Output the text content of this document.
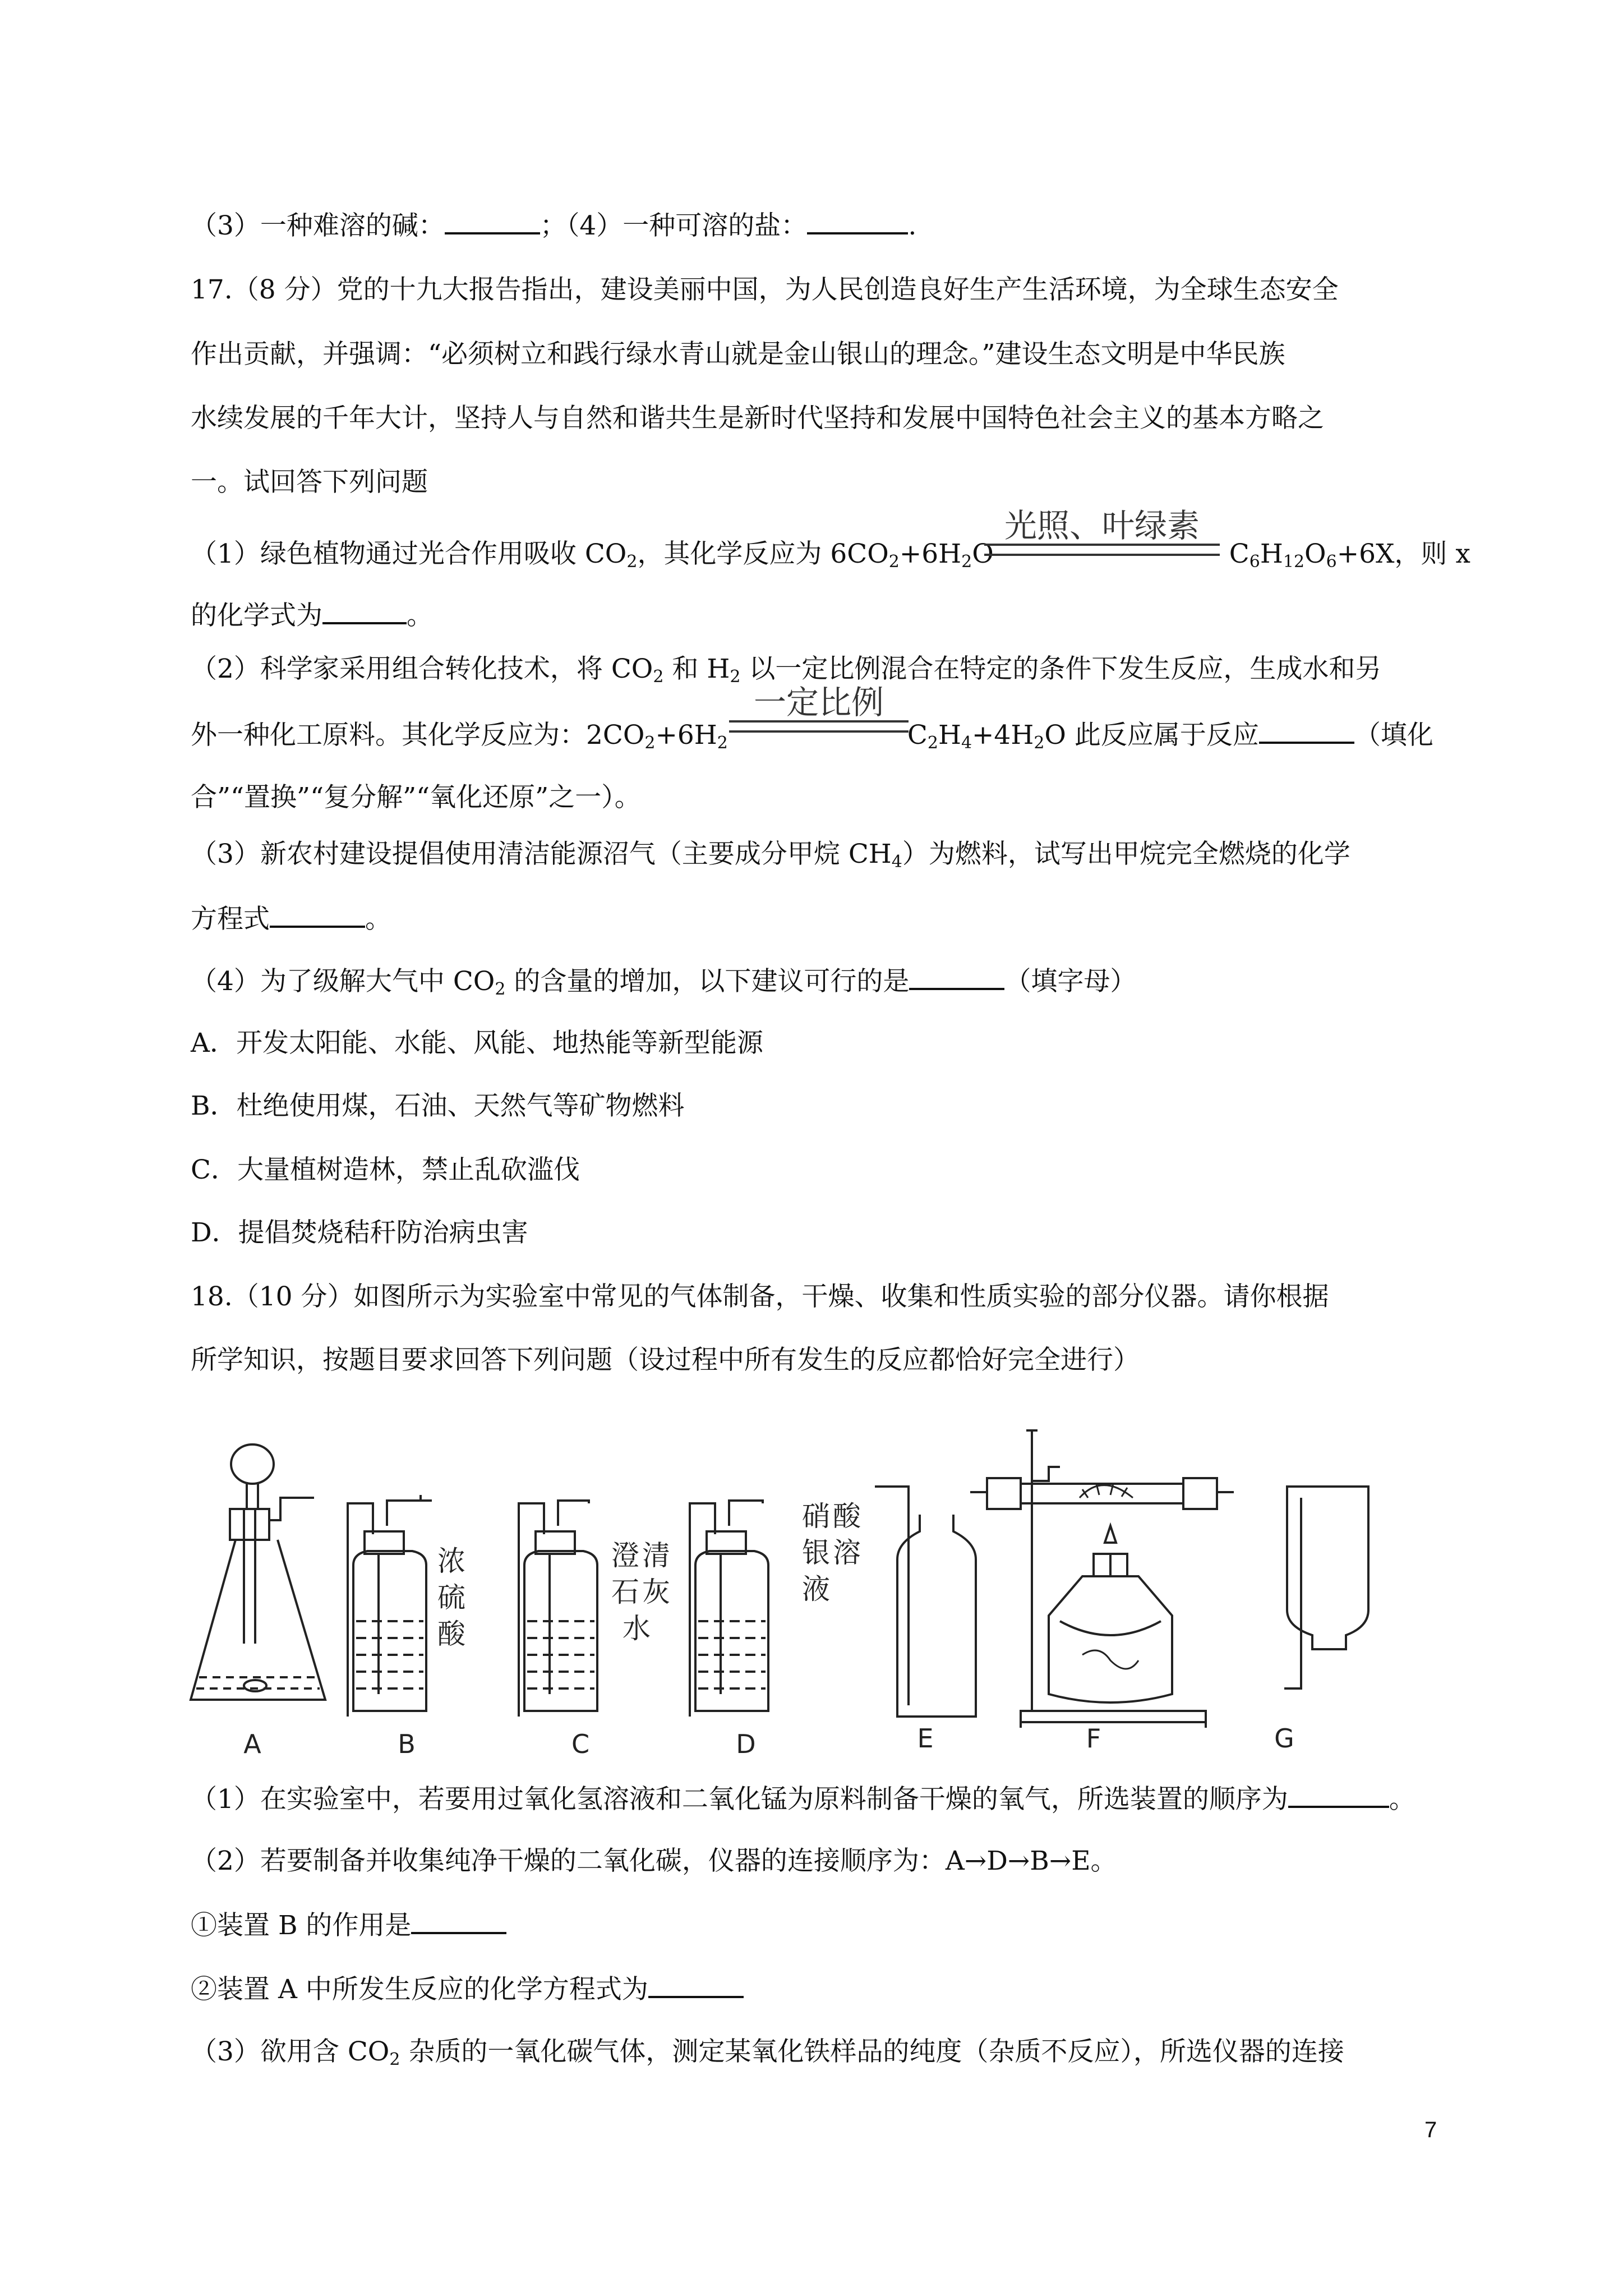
（3）一种难溶的碱：	；（4）一种可溶的盐：	.
17.（8 分）党的十九大报告指出，建设美丽中国，为人民创造良好生产生活环境，为全球生态安全
作出贡献，并强调：“必须树立和践行绿水青山就是金山银山的理念。”建设生态文明是中华民族
水续发展的千年大计，坚持人与自然和谐共生是新时代坚持和发展中国特色社会主义的基本方略之
一。试回答下列问题
（1）绿色植物通过光合作用吸收 $CO_2$，其化学反应为 $6CO_2+6H_2O$	$C_6H_{12}O_6+6X$，则 x
光照、叶绿素
的化学式为	。
（2）科学家采用组合转化技术，将 $CO_2$ 和 $H_2$ 以一定比例混合在特定的条件下发生反应，生成水和另
外一种化工原料。其化学反应为：$2CO_2+6H_2$	$C_2H_4+4H_2O$ 此反应属于反应	（填化
一定比例
合”“置换”“复分解”“氧化还原”之一）。
（3）新农村建设提倡使用清洁能源沼气（主要成分甲烷 $CH_4$）为燃料，试写出甲烷完全燃烧的化学
方程式	。
（4）为了级解大气中 $CO_2$ 的含量的增加，以下建议可行的是	（填字母）
A．开发太阳能、水能、风能、地热能等新型能源
B．杜绝使用煤，石油、天然气等矿物燃料
C．大量植树造林，禁止乱砍滥伐
D．提倡焚烧秸秆防治病虫害
18.（10 分）如图所示为实验室中常见的气体制备，干燥、收集和性质实验的部分仪器。请你根据
所学知识，按题目要求回答下列问题（设过程中所有发生的反应都恰好完全进行）
浓
硫
酸
澄 清
石 灰
水
硝 酸
银 溶
液
A	B	C	D	E	F	G
（1）在实验室中，若要用过氧化氢溶液和二氧化锰为原料制备干燥的氧气，所选装置的顺序为	。
（2）若要制备并收集纯净干燥的二氧化碳，仪器的连接顺序为：A→D→B→E。
①装置 B 的作用是
②装置 A 中所发生反应的化学方程式为
（3）欲用含 $CO_2$ 杂质的一氧化碳气体，测定某氧化铁样品的纯度（杂质不反应），所选仪器的连接
7
